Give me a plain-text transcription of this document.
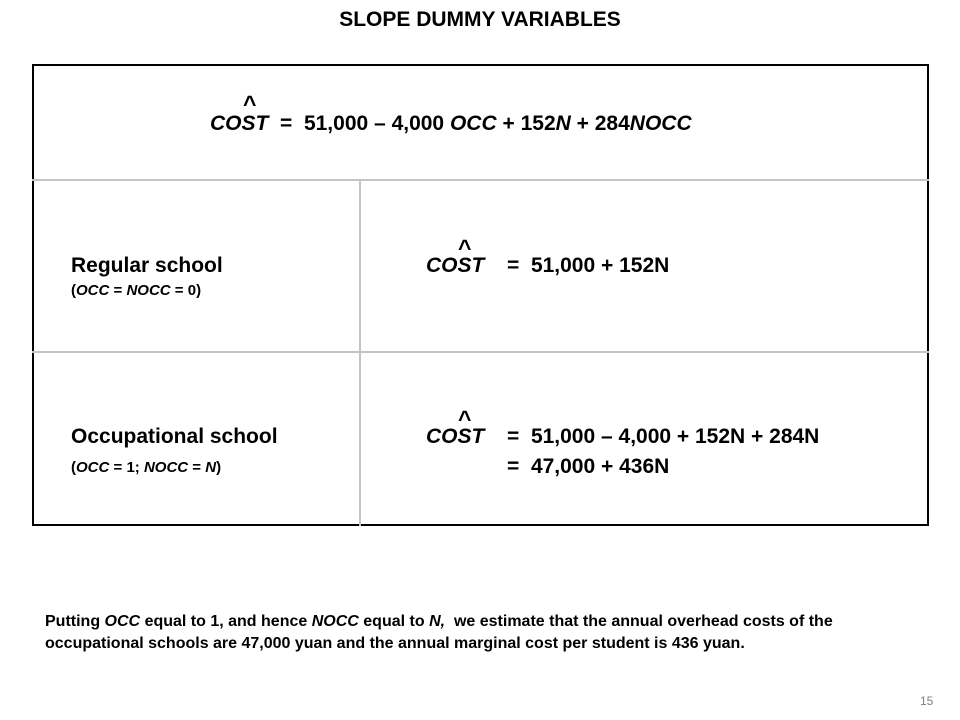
SLOPE DUMMY VARIABLES
^
COST = 51,000 – 4,000 OCC + 152N + 284NOCC
Regular school
(OCC = NOCC = 0)
^
COST = 51,000 + 152N
Occupational school
(OCC = 1; NOCC = N)
^
COST = 51,000 – 4,000 + 152N + 284N
= 47,000 + 436N
Putting OCC equal to 1, and hence NOCC equal to N, we estimate that the annual overhead costs of the occupational schools are 47,000 yuan and the annual marginal cost per student is 436 yuan.
15
